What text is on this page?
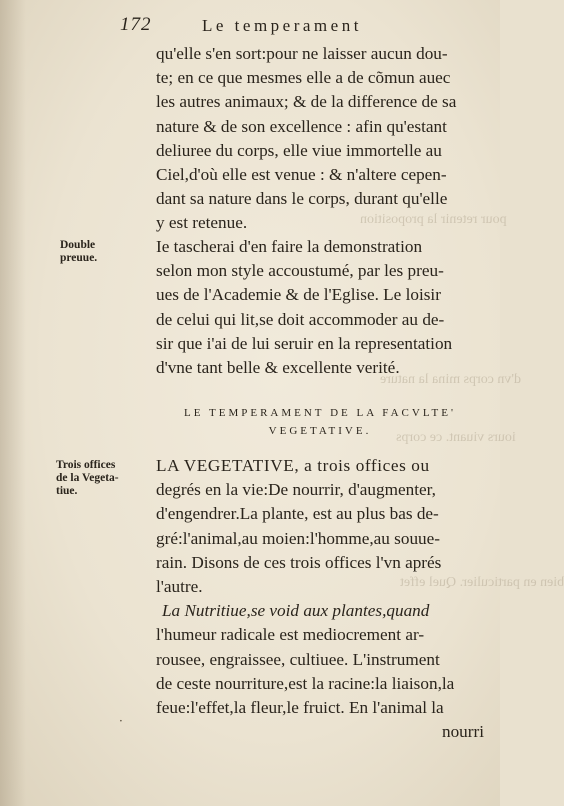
pour retenir la proposition
d'vn corps mina la nature
iours viuant. ce corps
bien en particulier. Quel effet
172	Le temperament
qu'elle s'en sort:pour ne laisser aucun dou-
te; en ce que mesmes elle a de cõmun auec
les autres animaux; & de la difference de sa
nature & de son excellence : afin qu'estant
deliuree du corps, elle viue immortelle au
Ciel,d'où elle est venue : & n'altere cepen-
dant sa nature dans le corps, durant qu'elle
y est retenue.
Double
preuue.
Ie tascherai d'en faire la demonstration
selon mon style accoustumé, par les preu-
ues de l'Academie & de l'Eglise. Le loisir
de celui qui lit,se doit accommoder au de-
sir que i'ai de lui seruir en la representation
d'vne tant belle & excellente verité.
LE TEMPERAMENT DE LA FACVLTE'
VEGETATIVE.
Trois offices
de la Vegeta-
tiue.
LA VEGETATIVE, a trois offices ou
degrés en la vie:De nourrir, d'augmenter,
d'engendrer.La plante, est au plus bas de-
gré:l'animal,au moien:l'homme,au souue-
rain. Disons de ces trois offices l'vn aprés
l'autre.
La Nutritiue,se void aux plantes,quand
l'humeur radicale est mediocrement ar-
rousee, engraissee, cultiuee. L'instrument
de ceste nourriture,est la racine:la liaison,la
feue:l'effet,la fleur,le fruict. En l'animal la
nourri
·
